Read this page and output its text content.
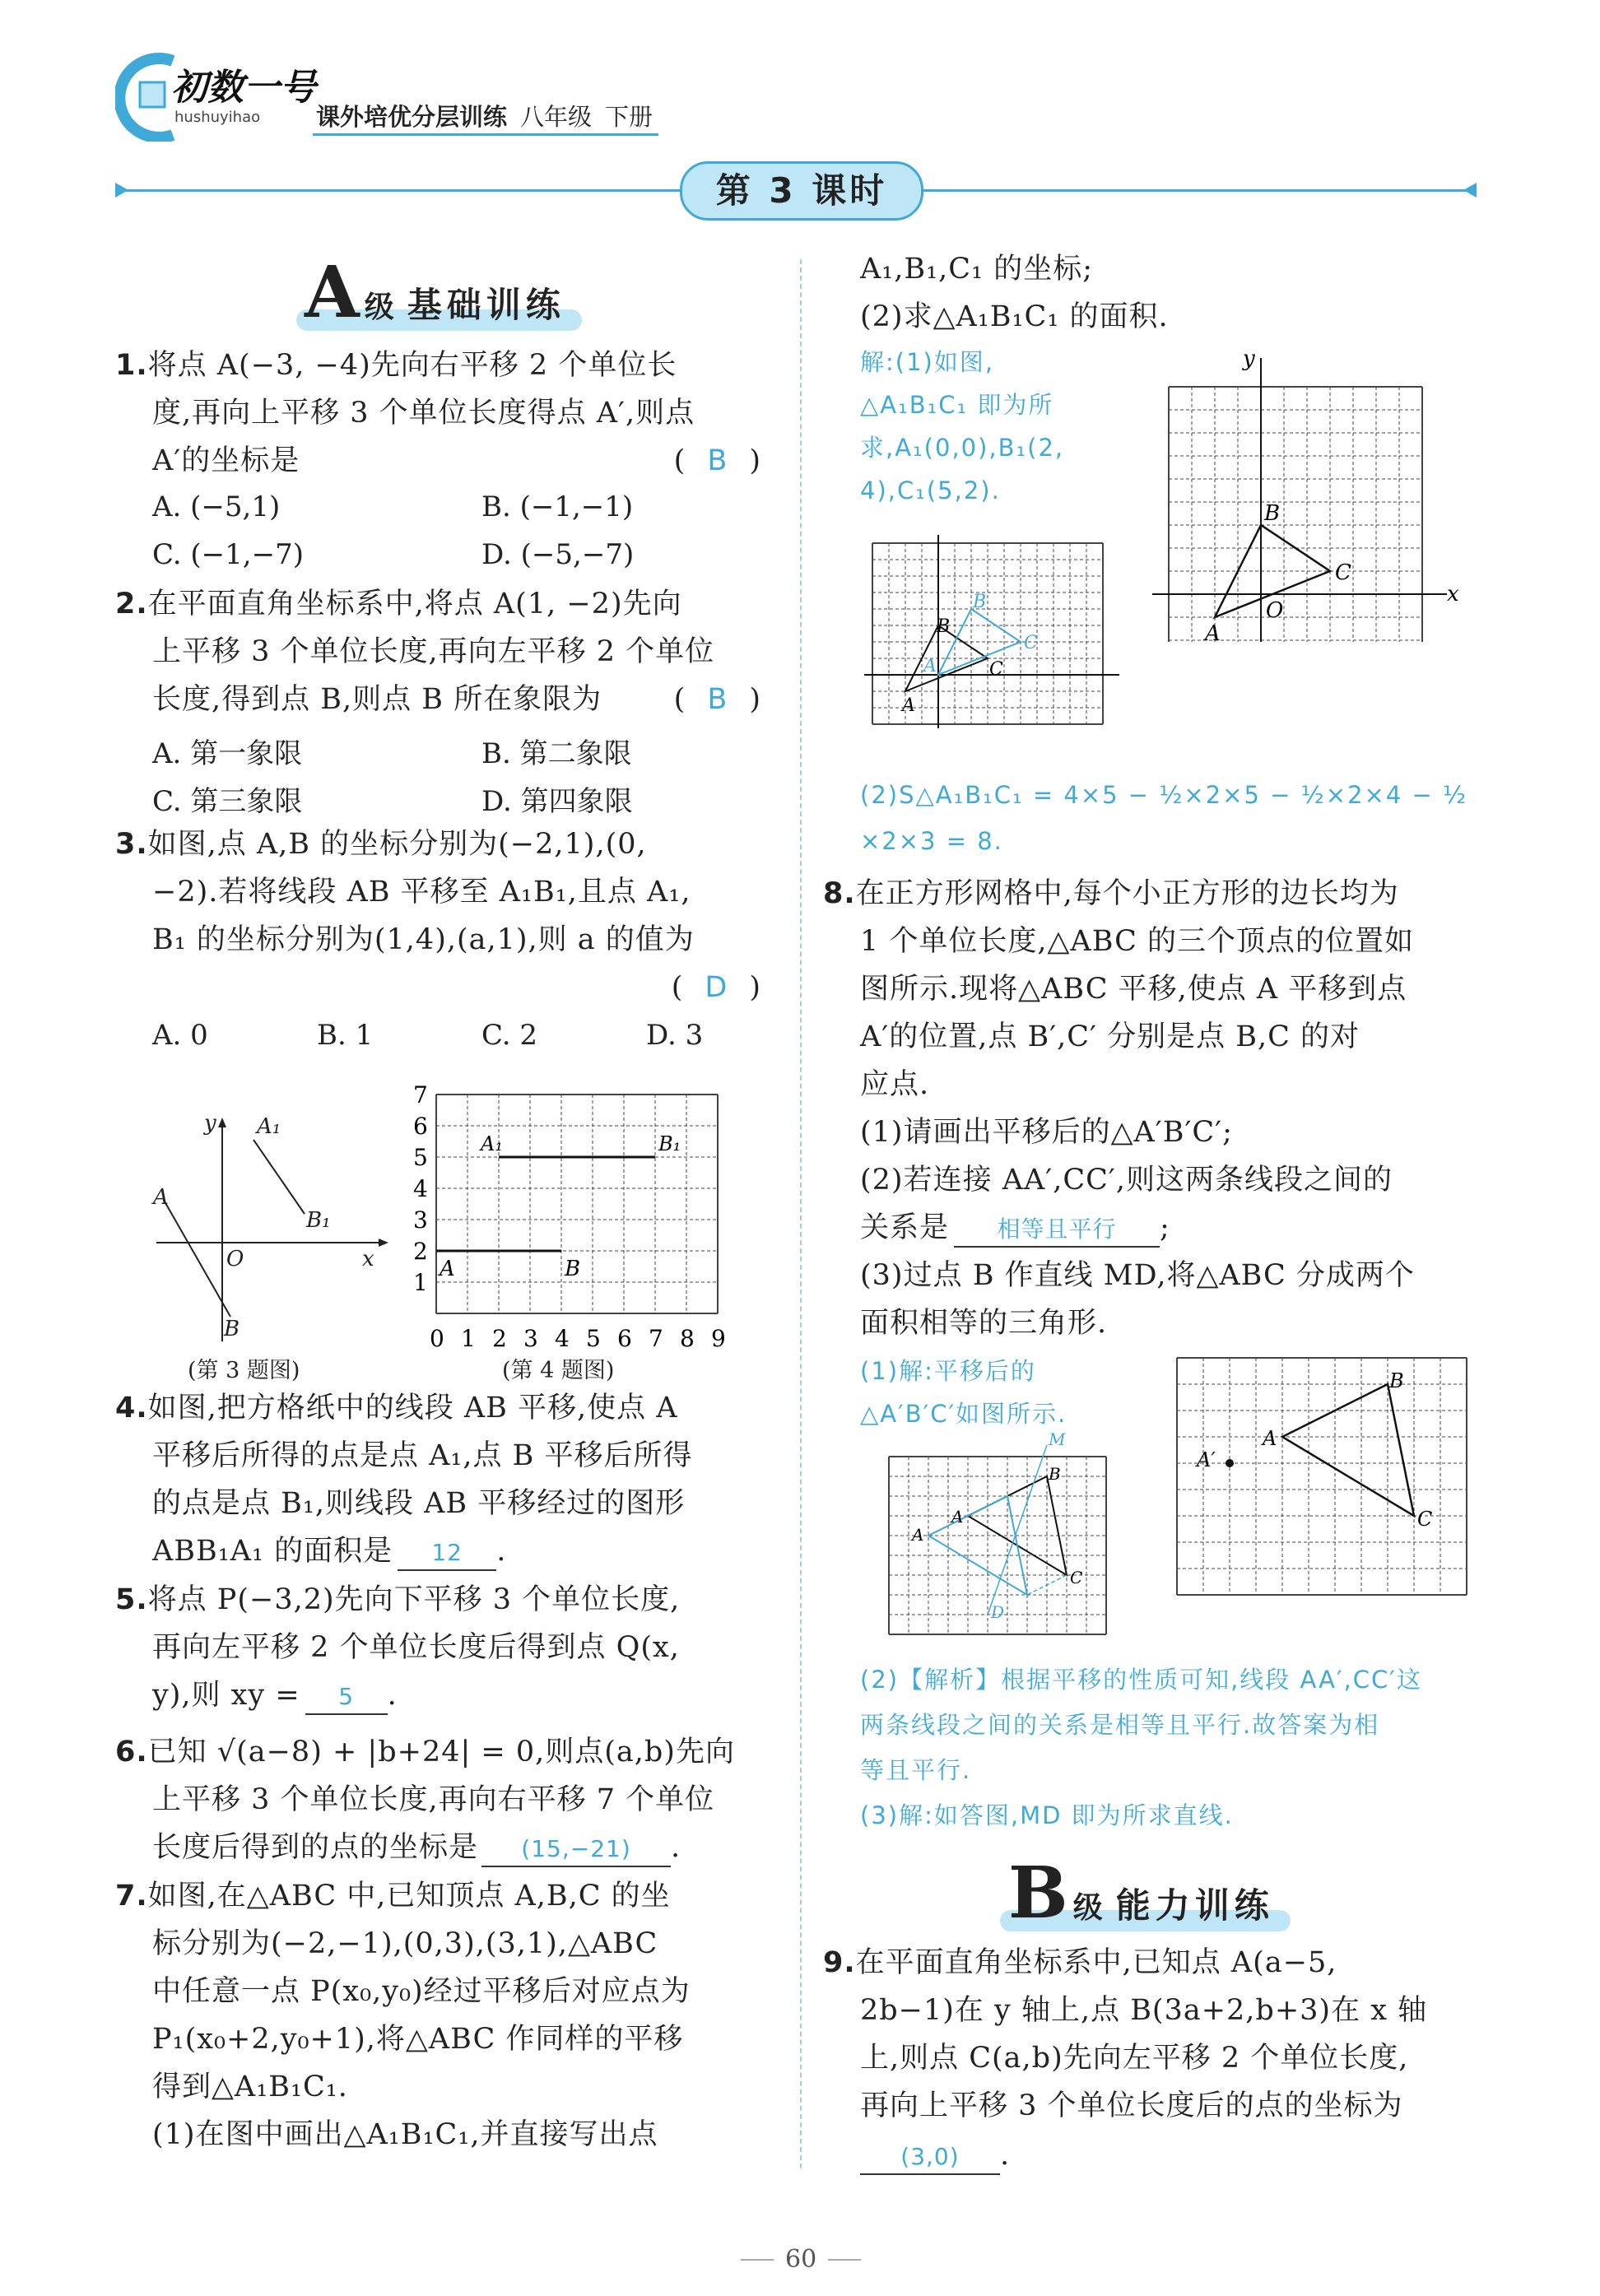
初数一号
hushuyihao 课外培优分层训练 八年级 下册
第 3 课时
A 级 基础训练
1.将点 A(−3, −4)先向右平移 2 个单位长
度,再向上平移 3 个单位长度得点 A′,则点
A′的坐标是	( B )
A. (−5,1)	B. (−1,−1)
C. (−1,−7)	D. (−5,−7)
2.在平面直角坐标系中,将点 A(1, −2)先向
上平移 3 个单位长度,再向左平移 2 个单位
长度,得到点 B,则点 B 所在象限为	( B )
A. 第一象限	B. 第二象限
C. 第三象限	D. 第四象限
3.如图,点 A,B 的坐标分别为(−2,1),(0,
−2).若将线段 AB 平移至 A₁B₁,且点 A₁,
B₁ 的坐标分别为(1,4),(a,1),则 a 的值为
( D )
A. 0	B. 1	C. 2	D. 3
y
x
O
A
B
A₁
B₁
(第 3 题图)
7
6
5
4
3
2
1
0 1 2 3 4 5 6 7 8 9
A	B
A₁	B₁
(第 4 题图)
4.如图,把方格纸中的线段 AB 平移,使点 A
平移后所得的点是点 A₁,点 B 平移后所得
的点是点 B₁,则线段 AB 平移经过的图形
ABB₁A₁ 的面积是 12 .
5.将点 P(−3,2)先向下平移 3 个单位长度,
再向左平移 2 个单位长度后得到点 Q(x,
y),则 xy = 5 .
6.已知 √(a−8) + |b+24| = 0,则点(a,b)先向
上平移 3 个单位长度,再向右平移 7 个单位
长度后得到的点的坐标是 (15,−21) .
7.如图,在△ABC 中,已知顶点 A,B,C 的坐
标分别为(−2,−1),(0,3),(3,1),△ABC
中任意一点 P(x₀,y₀)经过平移后对应点为
P₁(x₀+2,y₀+1),将△ABC 作同样的平移
得到△A₁B₁C₁.
(1)在图中画出△A₁B₁C₁,并直接写出点
A₁,B₁,C₁ 的坐标;
(2)求△A₁B₁C₁ 的面积.
解:(1)如图,
△A₁B₁C₁ 即为所
求,A₁(0,0),B₁(2,
4),C₁(5,2).
y
x
O
A
B
C
A
B
C
B
C
A
(2)S△A₁B₁C₁ = 4×5 − ½×2×5 − ½×2×4 − ½
×2×3 = 8.
8.在正方形网格中,每个小正方形的边长均为
1 个单位长度,△ABC 的三个顶点的位置如
图所示.现将△ABC 平移,使点 A 平移到点
A′的位置,点 B′,C′ 分别是点 B,C 的对
应点.
(1)请画出平移后的△A′B′C′;
(2)若连接 AA′,CC′,则这两条线段之间的
关系是 相等且平行 ;
(3)过点 B 作直线 MD,将△ABC 分成两个
面积相等的三角形.
(1)解:平移后的
△A′B′C′如图所示.
A
B
C
A′
A
B
C
A
M
D
(2)【解析】根据平移的性质可知,线段 AA′,CC′这
两条线段之间的关系是相等且平行.故答案为相
等且平行.
(3)解:如答图,MD 即为所求直线.
B 级 能力训练
9.在平面直角坐标系中,已知点 A(a−5,
2b−1)在 y 轴上,点 B(3a+2,b+3)在 x 轴
上,则点 C(a,b)先向左平移 2 个单位长度,
再向上平移 3 个单位长度后的点的坐标为
(3,0) .
60
